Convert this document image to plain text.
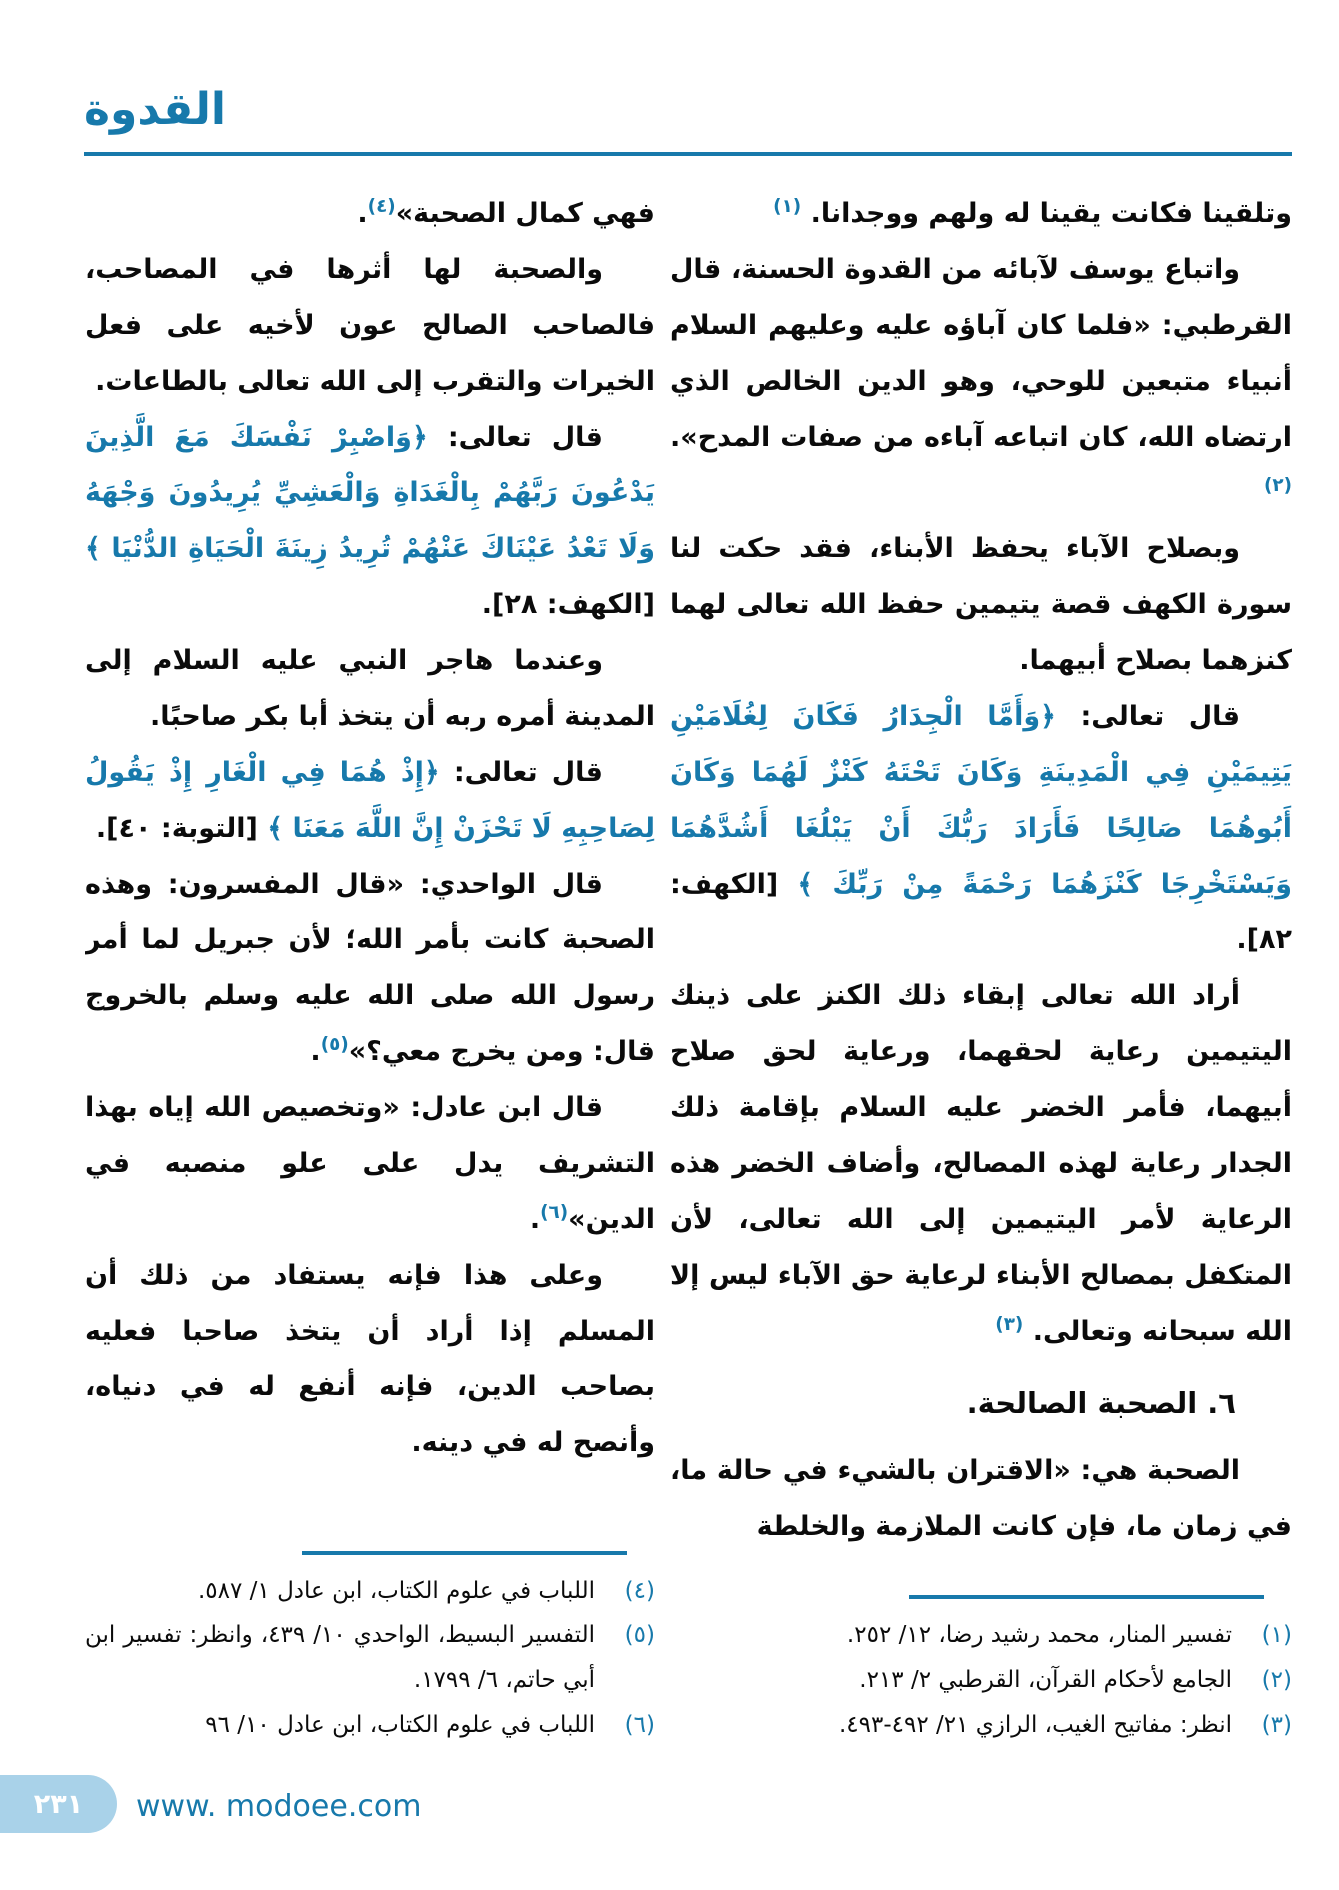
القدوة

وتلقينا فكانت يقينا له ولهم ووجدانا. $^{(١)}$

واتباع يوسف لآبائه من القدوة الحسنة، قال القرطبي: «فلما كان آباؤه عليه وعليهم السلام أنبياء متبعين للوحي، وهو الدين الخالص الذي ارتضاه الله، كان اتباعه آباءه من صفات المدح». $^{(٢)}$

وبصلاح الآباء يحفظ الأبناء، فقد حكت لنا سورة الكهف قصة يتيمين حفظ الله تعالى لهما كنزهما بصلاح أبيهما.

قال تعالى: ﴿وَأَمَّا الْجِدَارُ فَكَانَ لِغُلَامَيْنِ يَتِيمَيْنِ فِي الْمَدِينَةِ وَكَانَ تَحْتَهُ كَنْزٌ لَهُمَا وَكَانَ أَبُوهُمَا صَالِحًا فَأَرَادَ رَبُّكَ أَنْ يَبْلُغَا أَشُدَّهُمَا وَيَسْتَخْرِجَا كَنْزَهُمَا رَحْمَةً مِنْ رَبِّكَ ﴾ [الكهف: ٨٢].

أراد الله تعالى إبقاء ذلك الكنز على ذينك اليتيمين رعاية لحقهما، ورعاية لحق صلاح أبيهما، فأمر الخضر عليه السلام بإقامة ذلك الجدار رعاية لهذه المصالح، وأضاف الخضر هذه الرعاية لأمر اليتيمين إلى الله تعالى، لأن المتكفل بمصالح الأبناء لرعاية حق الآباء ليس إلا الله سبحانه وتعالى. $^{(٣)}$

٦. الصحبة الصالحة.

الصحبة هي: «الاقتران بالشيء في حالة ما، في زمان ما، فإن كانت الملازمة والخلطة

(١)
تفسير المنار، محمد رشيد رضا، ١٢/ ٢٥٢.
(٢)
الجامع لأحكام القرآن، القرطبي ٢/ ٢١٣.
(٣)
انظر: مفاتيح الغيب، الرازي ٢١/ ٤٩٢-٤٩٣.

فهي كمال الصحبة»$^{(٤)}$.

والصحبة لها أثرها في المصاحب، فالصاحب الصالح عون لأخيه على فعل الخيرات والتقرب إلى الله تعالى بالطاعات.

قال تعالى: ﴿وَاصْبِرْ نَفْسَكَ مَعَ الَّذِينَ يَدْعُونَ رَبَّهُمْ بِالْغَدَاةِ وَالْعَشِيِّ يُرِيدُونَ وَجْهَهُ وَلَا تَعْدُ عَيْنَاكَ عَنْهُمْ تُرِيدُ زِينَةَ الْحَيَاةِ الدُّنْيَا ﴾ [الكهف: ٢٨].

وعندما هاجر النبي عليه السلام إلى المدينة أمره ربه أن يتخذ أبا بكر صاحبًا.

قال تعالى: ﴿إِذْ هُمَا فِي الْغَارِ إِذْ يَقُولُ لِصَاحِبِهِ لَا تَحْزَنْ إِنَّ اللَّهَ مَعَنَا ﴾ [التوبة: ٤٠].

قال الواحدي: «قال المفسرون: وهذه الصحبة كانت بأمر الله؛ لأن جبريل لما أمر رسول الله صلى الله عليه وسلم بالخروج قال: ومن يخرج معي؟»$^{(٥)}$.

قال ابن عادل: «وتخصيص الله إياه بهذا التشريف يدل على علو منصبه في الدين»$^{(٦)}$.

وعلى هذا فإنه يستفاد من ذلك أن المسلم إذا أراد أن يتخذ صاحبا فعليه بصاحب الدين، فإنه أنفع له في دنياه، وأنصح له في دينه.

(٤)
اللباب في علوم الكتاب، ابن عادل ١/ ٥٨٧.
(٥)
التفسير البسيط، الواحدي ١٠/ ٤٣٩، وانظر: تفسير ابن أبي حاتم، ٦/ ١٧٩٩.
(٦)
اللباب في علوم الكتاب، ابن عادل ١٠/ ٩٦
٢٣١ www. modoee.com
